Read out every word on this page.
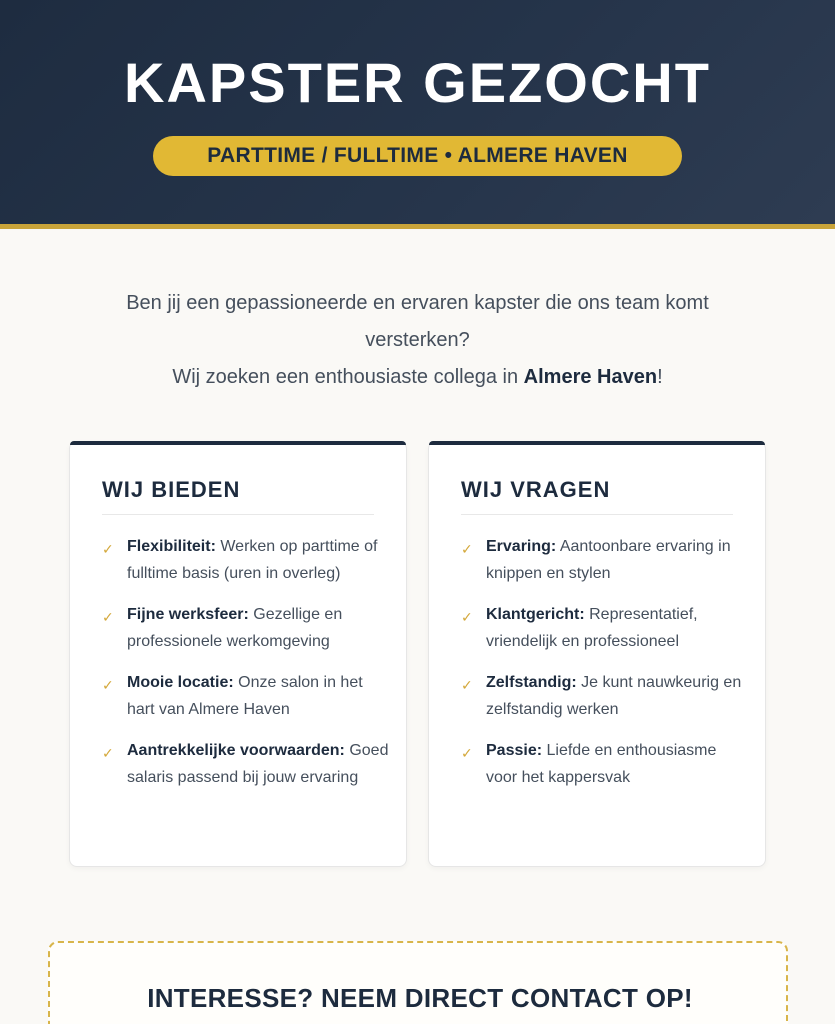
KAPSTER GEZOCHT
PARTTIME / FULLTIME • ALMERE HAVEN

Ben jij een gepassioneerde en ervaren kapster die ons team komt versterken?

Wij zoeken een enthousiaste collega in Almere Haven!

WIJ BIEDEN
✓ Flexibiliteit: Werken op parttime of fulltime basis (uren in overleg)

✓ Fijne werksfeer: Gezellige en professionele werkomgeving

✓ Mooie locatie: Onze salon in het hart van Almere Haven

✓ Aantrekkelijke voorwaarden: Goed salaris passend bij jouw ervaring

WIJ VRAGEN
✓ Ervaring: Aantoonbare ervaring in knippen en stylen

✓ Klantgericht: Representatief, vriendelijk en professioneel

✓ Zelfstandig: Je kunt nauwkeurig en zelfstandig werken

✓ Passie: Liefde en enthousiasme voor het kappersvak

INTERESSE? NEEM DIRECT CONTACT OP!
